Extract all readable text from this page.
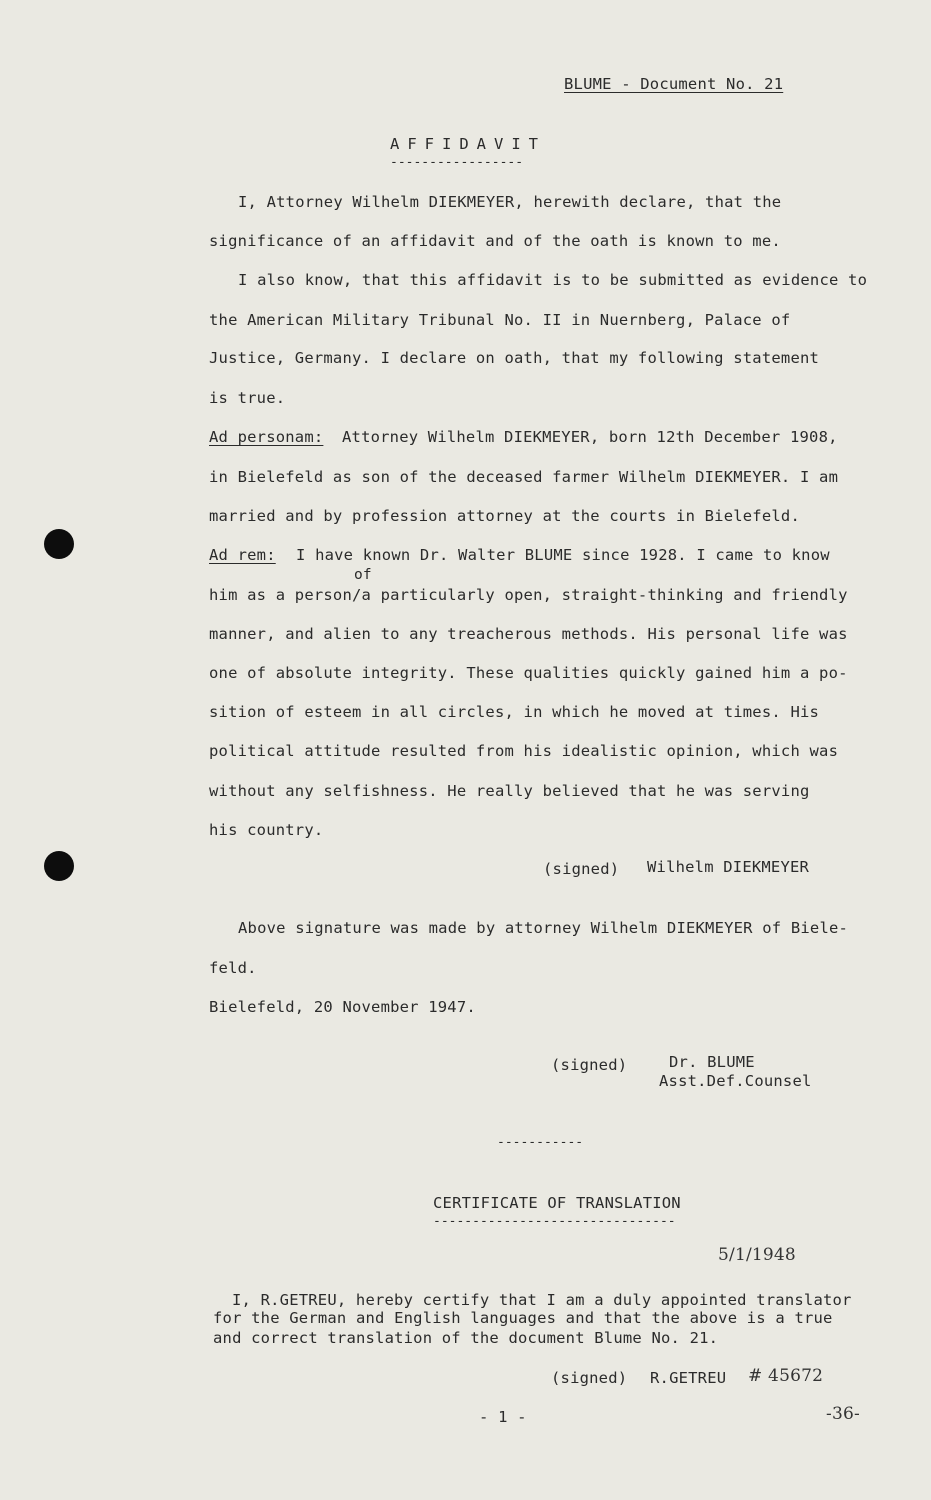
BLUME - Document No. 21
AFFIDAVIT
-----------------
I, Attorney Wilhelm DIEKMEYER, herewith declare, that the
significance of an affidavit and of the oath is known to me.
I also know, that this affidavit is to be submitted as evidence to
the American Military Tribunal No. II in Nuernberg, Palace of
Justice, Germany. I declare on oath, that my following statement
is true.
Ad personam: Attorney Wilhelm DIEKMEYER, born 12th December 1908,
in Bielefeld as son of the deceased farmer Wilhelm DIEKMEYER. I am
married and by profession attorney at the courts in Bielefeld.
Ad rem: I have known Dr. Walter BLUME since 1928. I came to know
of
him as a person/a particularly open, straight-thinking and friendly
manner, and alien to any treacherous methods. His personal life was
one of absolute integrity. These qualities quickly gained him a po-
sition of esteem in all circles, in which he moved at times. His
political attitude resulted from his idealistic opinion, which was
without any selfishness. He really believed that he was serving
his country.
(signed) Wilhelm DIEKMEYER
Above signature was made by attorney Wilhelm DIEKMEYER of Biele-
feld.
Bielefeld, 20 November 1947.
(signed)	Dr. BLUME
Asst.Def.Counsel
-----------
CERTIFICATE OF TRANSLATION
-------------------------------
5/1/1948
I, R.GETREU, hereby certify that I am a duly appointed translator
for the German and English languages and that the above is a true
and correct translation of the document Blume No. 21.
(signed) R.GETREU # 45672
- 1 -	-36-
